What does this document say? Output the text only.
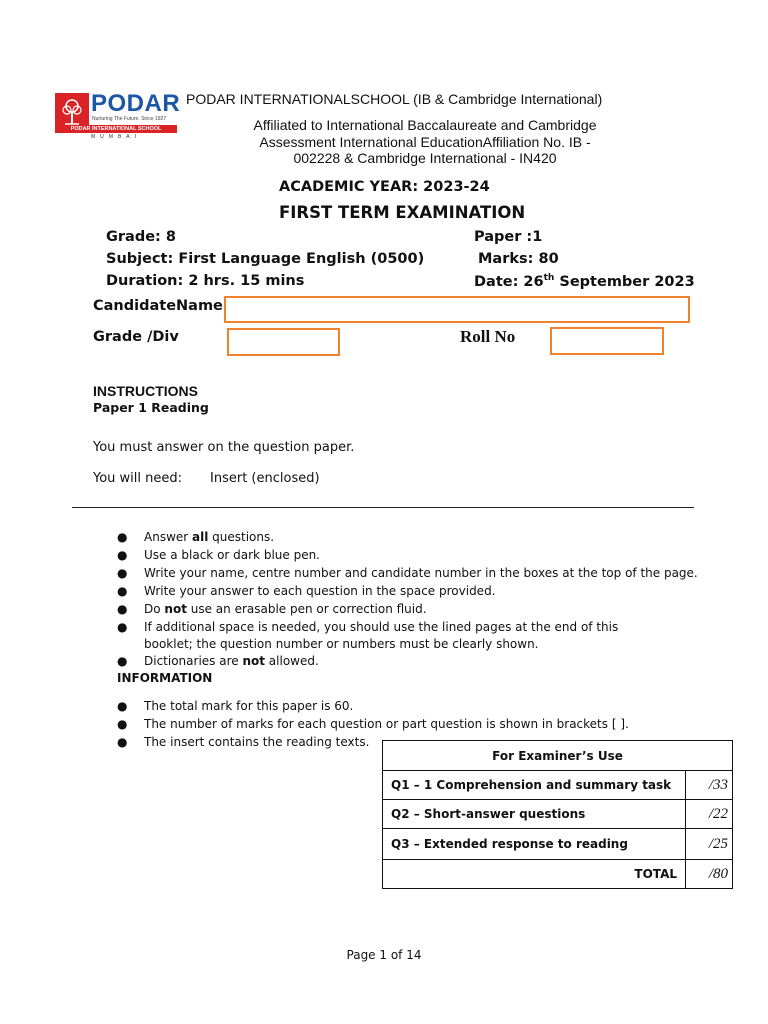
PODAR
Nurturing The Future. Since 1927
PODAR INTERNATIONAL SCHOOL
MUMBAI
PODAR INTERNATIONALSCHOOL (IB & Cambridge International)
Affiliated to International Baccalaureate and Cambridge
Assessment International EducationAffiliation No. IB -
002228 & Cambridge International - IN420
ACADEMIC YEAR: 2023-24
FIRST TERM EXAMINATION
Grade: 8	Paper :1
Subject: First Language English (0500)	Marks: 80
Duration: 2 hrs. 15 mins	Date: 26th September 2023
CandidateName
Grade /Div	Roll No
INSTRUCTIONS
Paper 1 Reading
You must answer on the question paper.
You will need: Insert (enclosed)
● Answer all questions.
● Use a black or dark blue pen.
● Write your name, centre number and candidate number in the boxes at the top of the page.
● Write your answer to each question in the space provided.
● Do not use an erasable pen or correction fluid.
● If additional space is needed, you should use the lined pages at the end of this
booklet; the question number or numbers must be clearly shown.
● Dictionaries are not allowed.
INFORMATION
● The total mark for this paper is 60.
● The number of marks for each question or part question is shown in brackets [ ].
● The insert contains the reading texts.
For Examiner’s Use	
Q1 – 1 Comprehension and summary task	/33
Q2 – Short-answer questions	/22
Q3 – Extended response to reading	/25
TOTAL	/80
Page 1 of 14
